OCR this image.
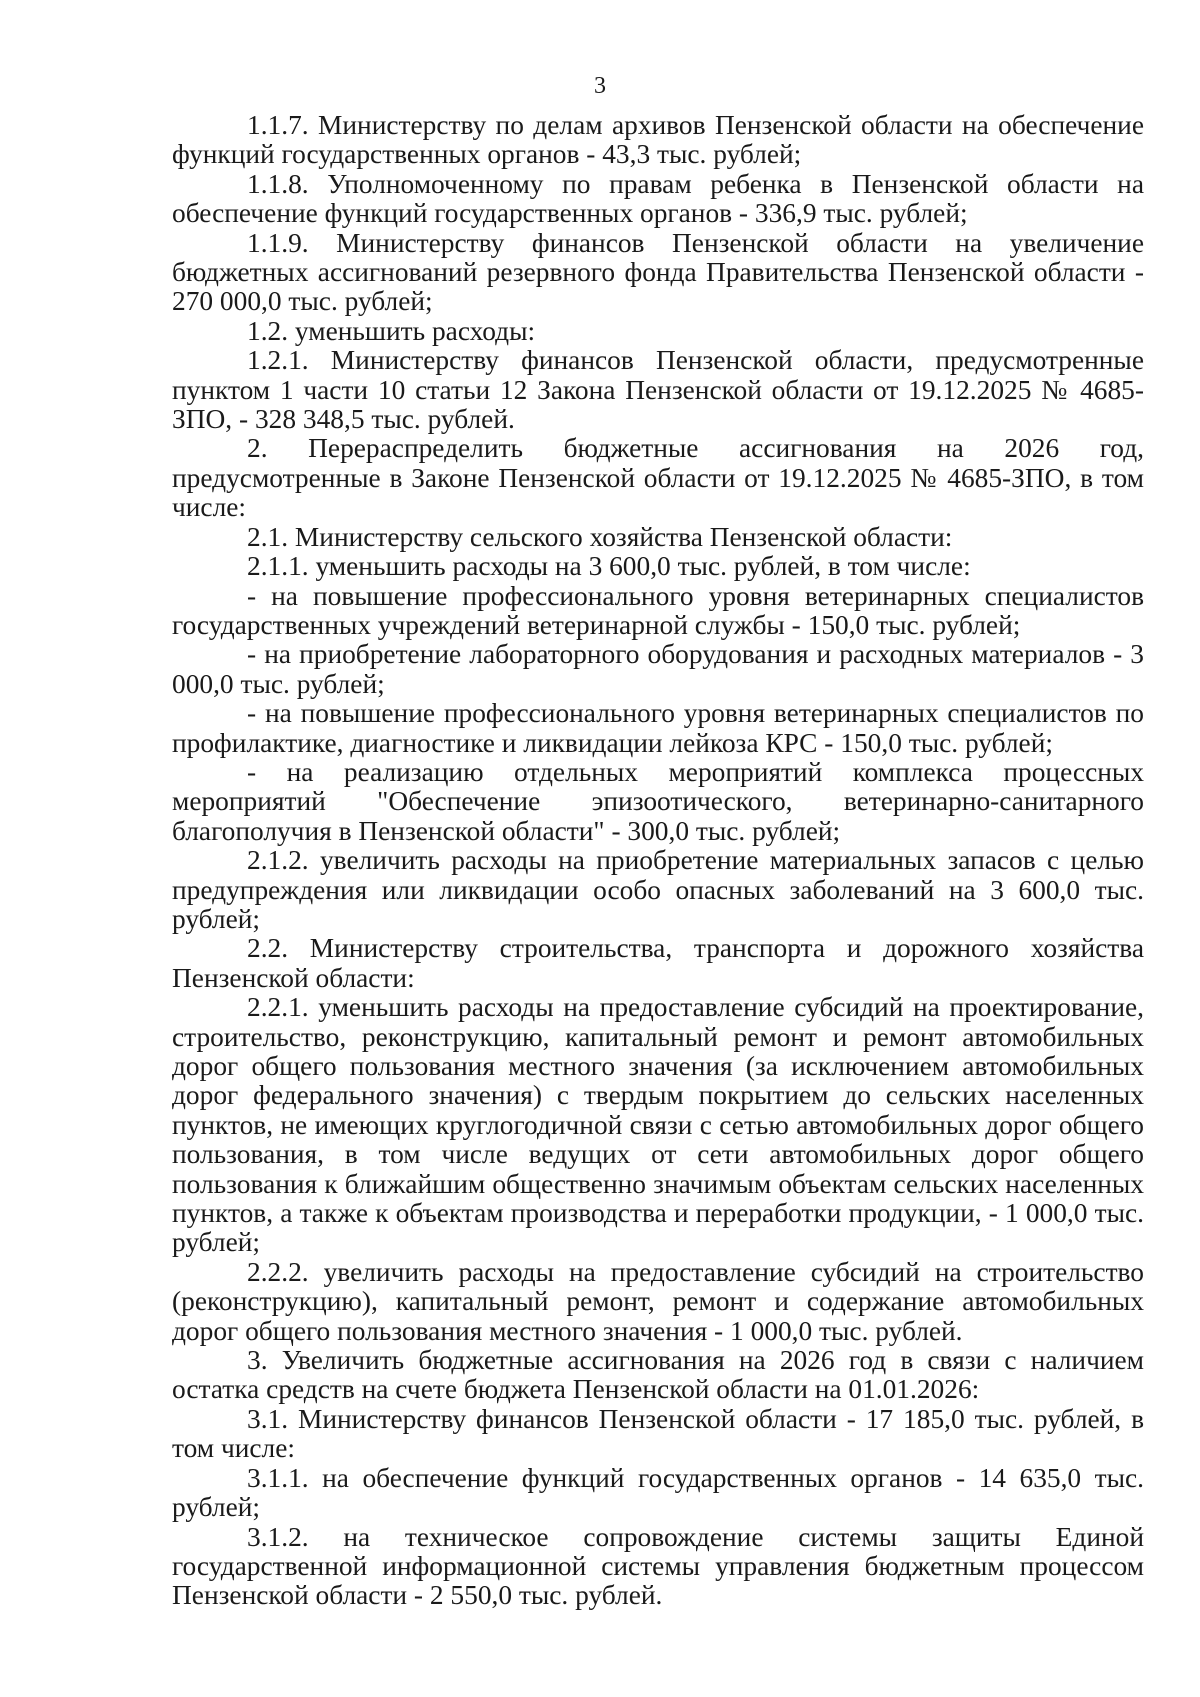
3

1.1.7. Министерству по делам архивов Пензенской области на обеспечение функций государственных органов - 43,3 тыс. рублей;

1.1.8. Уполномоченному по правам ребенка в Пензенской области на обеспечение функций государственных органов - 336,9 тыс. рублей;

1.1.9. Министерству финансов Пензенской области на увеличение бюджетных ассигнований резервного фонда Правительства Пензенской области - 270 000,0 тыс. рублей;

1.2. уменьшить расходы:

1.2.1. Министерству финансов Пензенской области, предусмотренные пунктом 1 части 10 статьи 12 Закона Пензенской области от 19.12.2025 № 4685-ЗПО, - 328 348,5 тыс. рублей.

2. Перераспределить бюджетные ассигнования на 2026 год, предусмотренные в Законе Пензенской области от 19.12.2025 № 4685-ЗПО, в том числе:

2.1. Министерству сельского хозяйства Пензенской области:

2.1.1. уменьшить расходы на 3 600,0 тыс. рублей, в том числе:

- на повышение профессионального уровня ветеринарных специалистов государственных учреждений ветеринарной службы - 150,0 тыс. рублей;

- на приобретение лабораторного оборудования и расходных материалов - 3 000,0 тыс. рублей;

- на повышение профессионального уровня ветеринарных специалистов по профилактике, диагностике и ликвидации лейкоза КРС - 150,0 тыс. рублей;

- на реализацию отдельных мероприятий комплекса процессных мероприятий "Обеспечение эпизоотического, ветеринарно-санитарного благополучия в Пензенской области" - 300,0 тыс. рублей;

2.1.2. увеличить расходы на приобретение материальных запасов с целью предупреждения или ликвидации особо опасных заболеваний на 3 600,0 тыс. рублей;

2.2. Министерству строительства, транспорта и дорожного хозяйства Пензенской области:

2.2.1. уменьшить расходы на предоставление субсидий на проектирование, строительство, реконструкцию, капитальный ремонт и ремонт автомобильных дорог общего пользования местного значения (за исключением автомобильных дорог федерального значения) с твердым покрытием до сельских населенных пунктов, не имеющих круглогодичной связи с сетью автомобильных дорог общего пользования, в том числе ведущих от сети автомобильных дорог общего пользования к ближайшим общественно значимым объектам сельских населенных пунктов, а также к объектам производства и переработки продукции, - 1 000,0 тыс. рублей;

2.2.2. увеличить расходы на предоставление субсидий на строительство (реконструкцию), капитальный ремонт, ремонт и содержание автомобильных дорог общего пользования местного значения - 1 000,0 тыс. рублей.

3. Увеличить бюджетные ассигнования на 2026 год в связи с наличием остатка средств на счете бюджета Пензенской области на 01.01.2026:

3.1. Министерству финансов Пензенской области - 17 185,0 тыс. рублей, в том числе:

3.1.1. на обеспечение функций государственных органов - 14 635,0 тыс. рублей;

3.1.2. на техническое сопровождение системы защиты Единой государственной информационной системы управления бюджетным процессом Пензенской области - 2 550,0 тыс. рублей.
